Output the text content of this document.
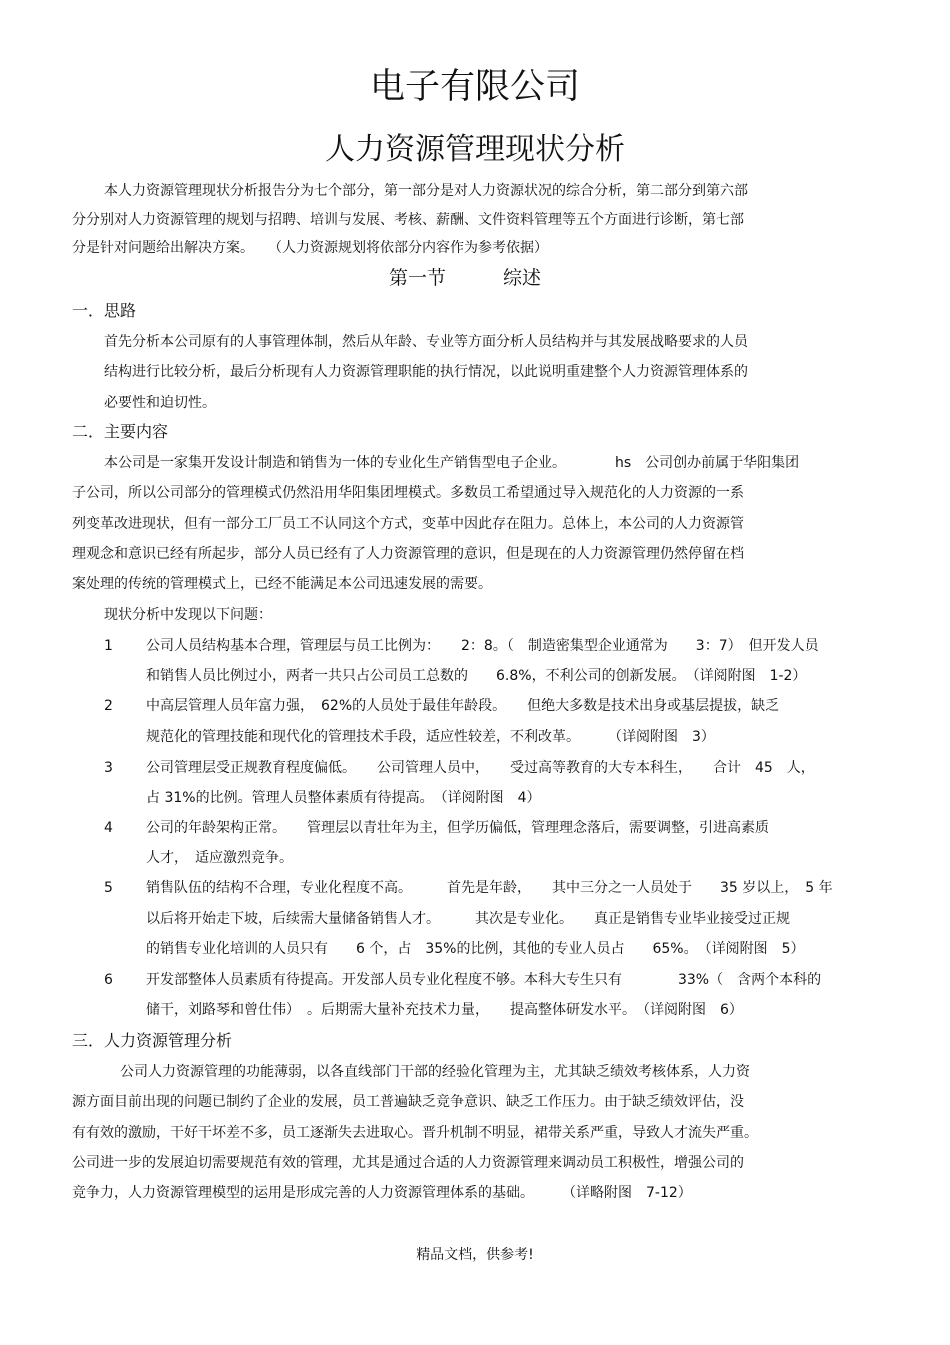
电子有限公司
人力资源管理现状分析
本人力资源管理现状分析报告分为七个部分，第一部分是对人力资源状况的综合分析，第二部分到第六部
分分别对人力资源管理的规划与招聘、培训与发展、考核、薪酬、文件资料管理等五个方面进行诊断，第七部
分是针对问题给出解决方案。　　（人力资源规划将依部分内容作为参考依据）
第一节　　　综述
一．思路
首先分析本公司原有的人事管理体制，然后从年龄、专业等方面分析人员结构并与其发展战略要求的人员
结构进行比较分析，最后分析现有人力资源管理职能的执行情况，以此说明重建整个人力资源管理体系的
必要性和迫切性。
二．主要内容
本公司是一家集开发设计制造和销售为一体的专业化生产销售型电子企业。　　　　hs　公司创办前属于华阳集团
子公司，所以公司部分的管理模式仍然沿用华阳集团埋模式。多数员工希望通过导入规范化的人力资源的一系
列变革改进现状，但有一部分工厂员工不认同这个方式，变革中因此存在阻力。总体上，本公司的人力资源管
理观念和意识已经有所起步，部分人员已经有了人力资源管理的意识，但是现在的人力资源管理仍然停留在档
案处理的传统的管理模式上，已经不能满足本公司迅速发展的需要。
现状分析中发现以下问题：
1 公司人员结构基本合理，管理层与员工比例为：　　2：8。（　制造密集型企业通常为　　3：7）　但开发人员
和销售人员比例过小，两者一共只占公司员工总数的　　6.8%，不利公司的创新发展。　（详阅附图　1-2）
2 中高层管理人员年富力强，　62%的人员处于最佳年龄段。　　但绝大多数是技术出身或基层提拔，缺乏
规范化的管理技能和现代化的管理技术手段，适应性较差，不利改革。　　　（详阅附图　3）
3 公司管理层受正规教育程度偏低。　　公司管理人员中，　　受过高等教育的大专本科生，　　合计　45　人，
占 31%的比例。管理人员整体素质有待提高。　（详阅附图　4）
4 公司的年龄架构正常。　　管理层以青壮年为主，但学历偏低，管理理念落后，需要调整，引进高素质
人才，　适应激烈竞争。
5 销售队伍的结构不合理，专业化程度不高。　　　首先是年龄，　　其中三分之一人员处于　　35 岁以上，　5 年
以后将开始走下坡，后续需大量储备销售人才。　　　其次是专业化。　　真正是销售专业毕业接受过正规
的销售专业化培训的人员只有　　6 个，占　35%的比例，其他的专业人员占　　65%。　（详阅附图　5）
6 开发部整体人员素质有待提高。开发部人员专业化程度不够。本科大专生只有　　　　33%（　含两个本科的
储干，刘路琴和曾仕伟）　。后期需大量补充技术力量，　　提高整体研发水平。　（详阅附图　6）
三．人力资源管理分析
公司人力资源管理的功能薄弱，以各直线部门干部的经验化管理为主，尤其缺乏绩效考核体系，人力资
源方面目前出现的问题已制约了企业的发展，员工普遍缺乏竞争意识、缺乏工作压力。由于缺乏绩效评估，没
有有效的激励，干好干坏差不多，员工逐渐失去进取心。晋升机制不明显，裙带关系严重，导致人才流失严重。
公司进一步的发展迫切需要规范有效的管理，尤其是通过合适的人力资源管理来调动员工积极性，增强公司的
竞争力，人力资源管理模型的运用是形成完善的人力资源管理体系的基础。　　　（详略附图　7-12）
精品文档，供参考!
